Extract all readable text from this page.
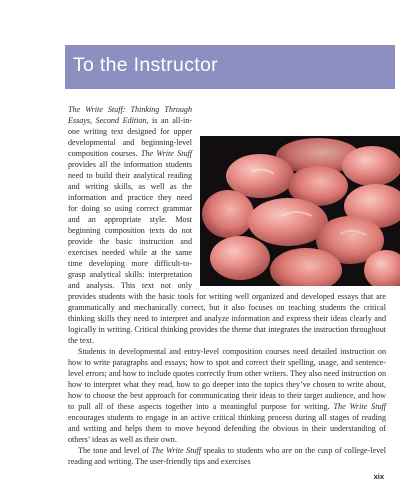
To the Instructor

The Write Stuff: Thinking Through Essays, Second Edition, is an all-in-one writing text designed for upper developmental and beginning-level composition courses. The Write Stuff provides all the information students need to build their analytical reading and writing skills, as well as the information and practice they need for doing so using correct grammar and an appropriate style. Most beginning composition texts do not provide the basic instruction and exercises needed while at the same time developing more difficult-to-grasp analytical skills: interpretation and analysis. This text not only provides students with the basic tools for writing well organized and developed essays that are grammatically and mechanically correct, but it also focuses on teaching students the critical thinking skills they need to interpret and analyze information and express their ideas clearly and logically in writing. Critical thinking provides the theme that integrates the instruction throughout the text.

Students in developmental and entry-level composition courses need detailed instruction on how to write paragraphs and essays; how to spot and correct their spelling, usage, and sentence-level errors; and how to include quotes correctly from other writers. They also need instruction on how to interpret what they read, how to go deeper into the topics they’ve chosen to write about, how to choose the best approach for communicating their ideas to their target audience, and how to pull all of these aspects together into a meaningful purpose for writing. The Write Stuff encourages students to engage in an active critical thinking process during all stages of reading and writing and helps them to move beyond defending the obvious in their understanding of others’ ideas as well as their own.

The tone and level of The Write Stuff speaks to students who are on the cusp of college-level reading and writing. The user-friendly tips and exercises

xix
